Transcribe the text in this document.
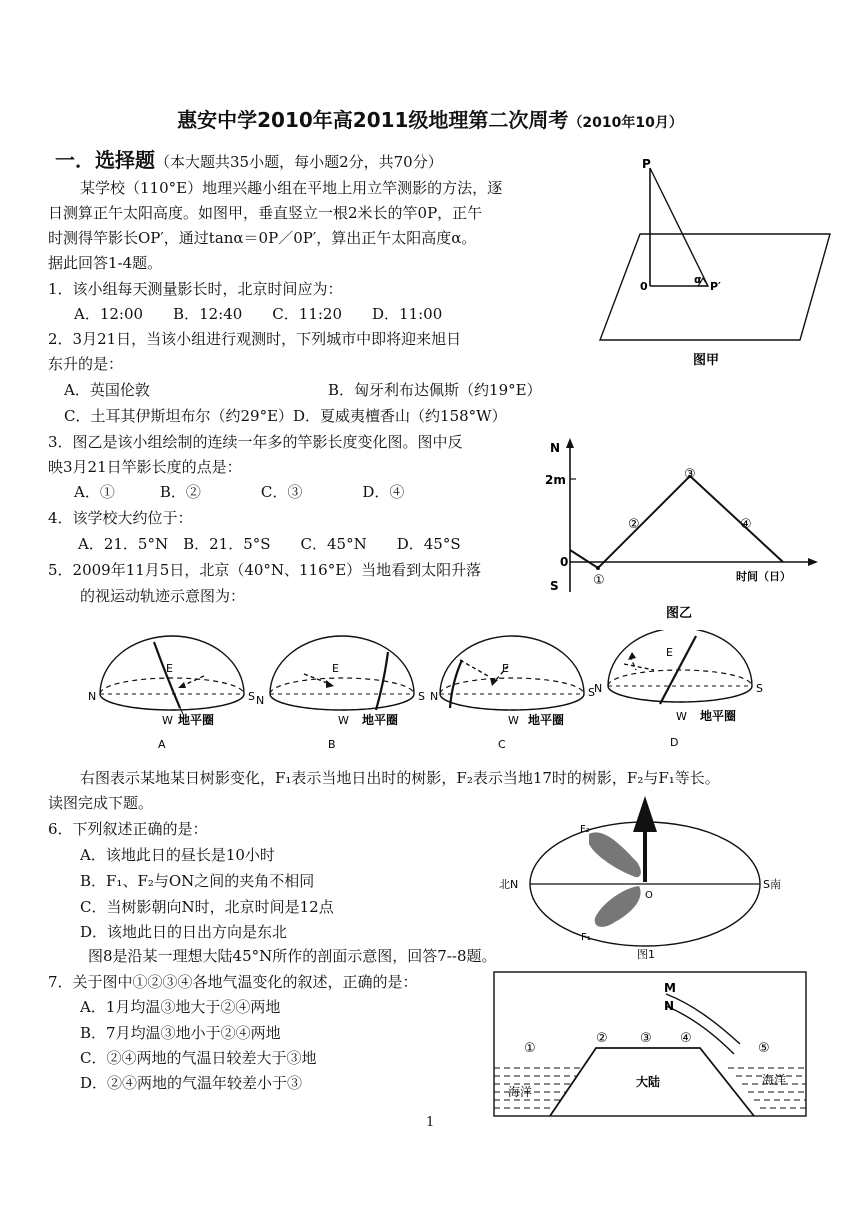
惠安中学2010年高2011级地理第二次周考（2010年10月）
一．选择题（本大题共35小题，每小题2分，共70分）
某学校（110°E）地理兴趣小组在平地上用立竿测影的方法，逐
日测算正午太阳高度。如图甲，垂直竖立一根2米长的竿0P，正午
时测得竿影长OP′，通过tanα＝0P／0P′，算出正午太阳高度α。
据此回答1-4题。
1．该小组每天测量影长时，北京时间应为：
A．12:00　　B．12:40　　C．11:20　　D．11:00
2．3月21日，当该小组进行观测时，下列城市中即将迎来旭日
东升的是：
A．英国伦敦	B．匈牙利布达佩斯（约19°E）
C．土耳其伊斯坦布尔（约29°E）D．夏威夷檀香山（约158°W）
3．图乙是该小组绘制的连续一年多的竿影长度变化图。图中反
映3月21日竿影长度的点是：
A．①　　　B．②　　　　C．③　　　　D．④
4．该学校大约位于：
A．21．5°N　B．21．5°S　　C．45°N　　D．45°S
5．2009年11月5日，北京（40°N、116°E）当地看到太阳升落
的视运动轨迹示意图为：
P
0
α
P′
图甲
N
S
0
2m
时间（日）
①
②
③
④
图乙
N	S
E
W 地平圈
A
N	S
E
W 地平圈
B
N	S
E
W 地平圈
C
N	S
E
W 地平圈
D
右图表示某地某日树影变化，F₁表示当地日出时的树影，F₂表示当地17时的树影，F₂与F₁等长。
读图完成下题。
6．下列叙述正确的是：
A．该地此日的昼长是10小时
B．F₁、F₂与ON之间的夹角不相同
C．当树影朝向N时，北京时间是12点
D．该地此日的日出方向是东北
F₂
F₁
北N	S南
O
图1
图8是沿某一理想大陆45°N所作的剖面示意图，回答7--8题。
7．关于图中①②③④各地气温变化的叙述，正确的是：
A．1月均温③地大于②④两地
B．7月均温③地小于②④两地
C．②④两地的气温日较差大于③地
D．②④两地的气温年较差小于③
M
N
①
② ③ ④
⑤
海洋
大陆	海洋
1
